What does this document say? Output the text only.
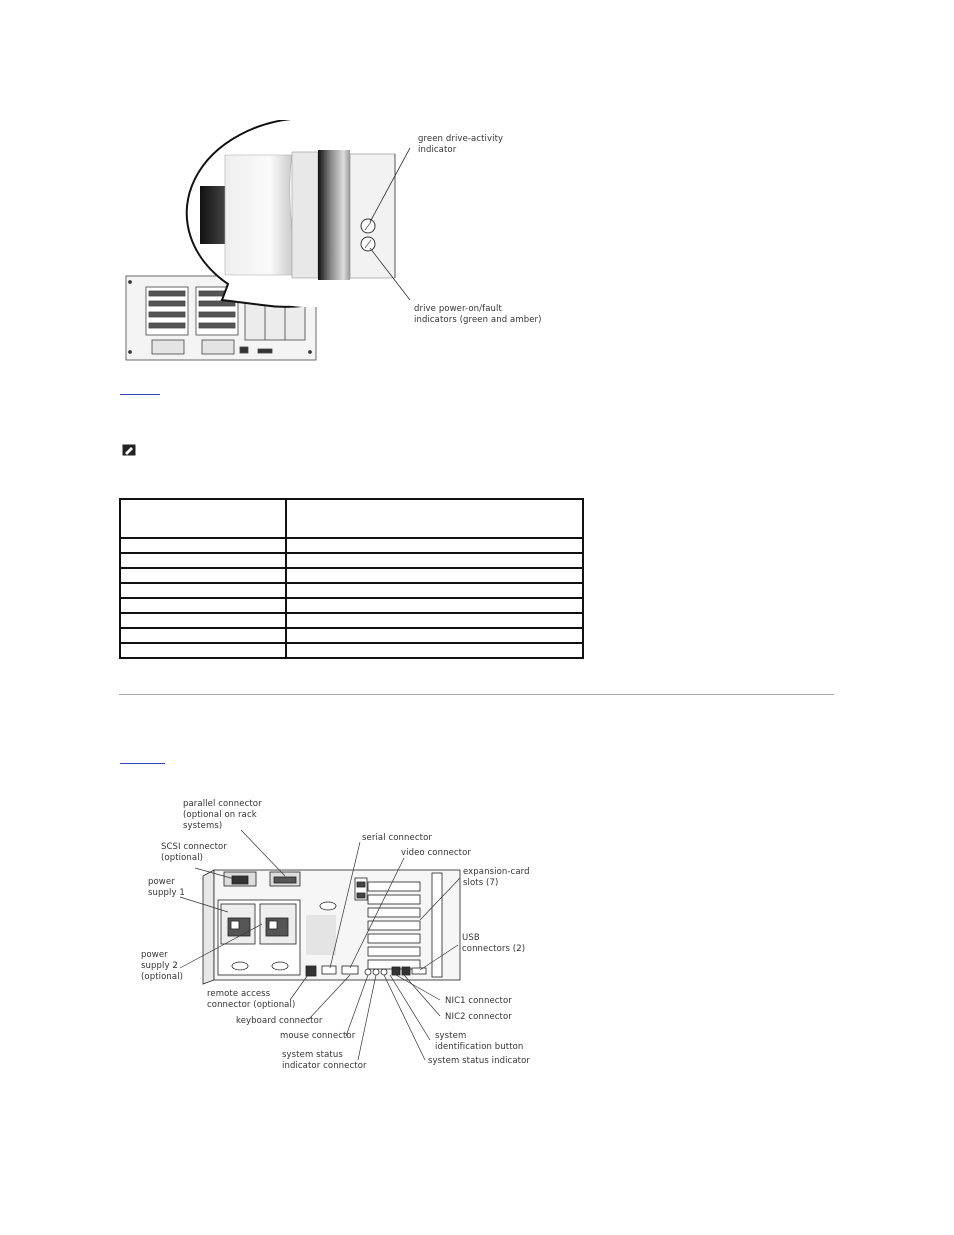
green drive-activity
indicator
drive power-on/fault
indicators (green and amber)

parallel connector
(optional on rack
systems)
SCSI connector
(optional)
power
supply 1
power
supply 2
(optional)
remote access
connector (optional)
keyboard connector
mouse connector
system status
indicator connector
serial connector
video connector
expansion-card
slots (7)
USB
connectors (2)
NIC1 connector
NIC2 connector
system
identification button
system status indicator
